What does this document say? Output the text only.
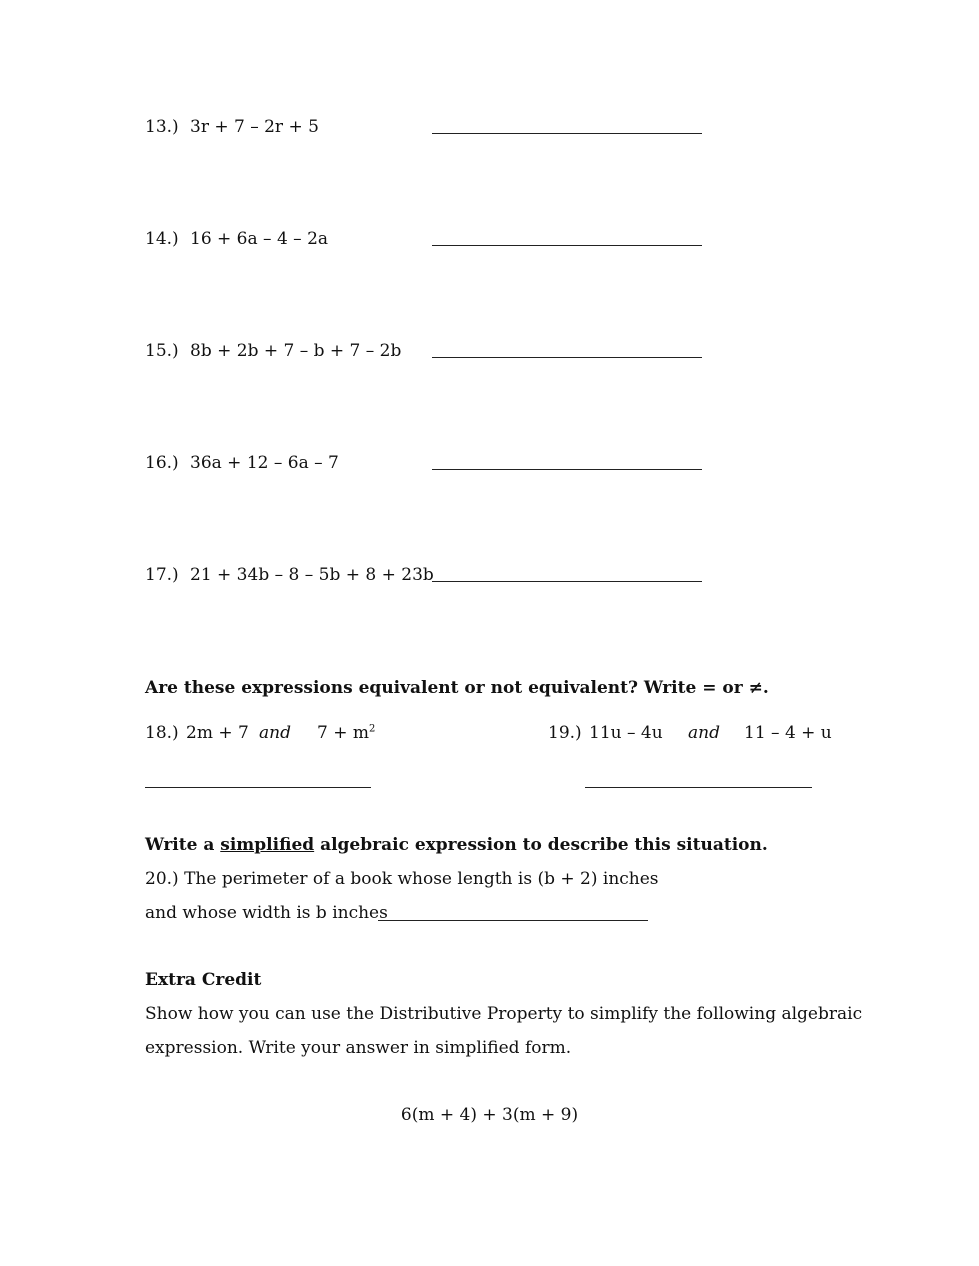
13.) 3r + 7 – 2r + 5
14.) 16 + 6a – 4 – 2a
15.) 8b + 2b + 7 – b + 7 – 2b
16.) 36a + 12 – 6a – 7
17.) 21 + 34b – 8 – 5b + 8 + 23b
Are these expressions equivalent or not equivalent? Write = or ≠.
18.) 2m + 7 and $7 + m^2$	19.) 11u – 4u and 11 – 4 + u
Write a simplified algebraic expression to describe this situation.
20.) The perimeter of a book whose length is (b + 2) inches
and whose width is b inches
Extra Credit
Show how you can use the Distributive Property to simplify the following algebraic
expression. Write your answer in simplified form.
6(m + 4) + 3(m + 9)
